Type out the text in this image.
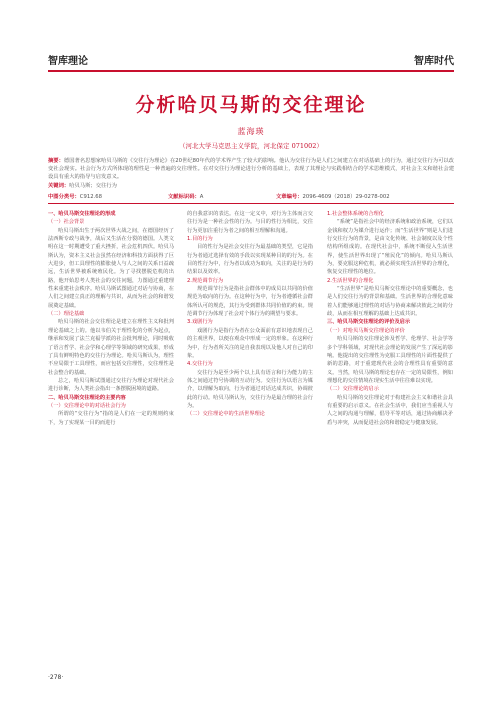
智库理论	智库时代
分析哈贝马斯的交往理论
蓝海瑛
（河北大学马克思主义学院，河北保定 071002）
摘要：德国著名思想家哈贝马斯的《交往行为理论》在20世纪80年代的学术界产生了较大的影响。他认为交往行为是人们之间建立在对话基础上的行为，通过交往行为可以改变社会现实。社会行为方式所体现的理性是一种普遍的交往理性。在对交往行为理论进行分析的基础上，表现了其理论与实践相结合的学术思维模式，对社会主义和谐社会建设具有重大的指导与启发意义。
关键词：哈贝马斯；交往行为
中图分类号：C912.68	文献标识码：A	文章编号：2096-4609（2018）29-0278-002

一、哈贝马斯交往理论的形成

（一）社会背景

哈贝马斯出生于两次世界大战之间，在德国经历了法西斯专政与战争，战后又生活在分裂的德国。人类文明在这一时期遭受了重大挫折，社会危机四伏。哈贝马斯认为，资本主义社会虽然在经济和科技方面获得了巨大进步，但工具理性的膨胀使人与人之间的关系日益疏远，生活世界被系统殖民化。为了寻找摆脱危机的出路，他开始思考人类社会的交往问题，力图通过重建理性来重建社会秩序。哈贝马斯试图通过对话与协商，在人们之间建立真正的理解与共识，从而为社会的和谐发展奠定基础。

（二）理论基础

哈贝马斯的社会交往理论是建立在理性主义和批判理论基础之上的。他以韦伯关于理性化的分析为起点，继承和发展了法兰克福学派的社会批判理论，同时吸收了语言哲学、社会学和心理学等领域的研究成果，形成了具有鲜明特色的交往行为理论。哈贝马斯认为，理性不应局限于工具理性，而应包括交往理性，交往理性是社会整合的基础。

总之，哈贝马斯试图通过交往行为理论对现代社会进行诊断，为人类社会指出一条摆脱困境的道路。

二、哈贝马斯交往理论的主要内容

（一）交往理论中的对话社会行为

所谓的“交往行为”指的是人们在一定的规则约束下，为了实现某一目的而进行

的自我意识的表达。在这一定义中，对行为主体而言交往行为是一种社会性的行为。与目的性行为相比，交往行为更加注重行为者之间的相互理解和沟通。

1.目的行为

目的性行为是社会交往行为最基础的类型，它是指行为者通过选择有效的手段以实现某种目的的行为。在目的性行为中，行为者以成功为取向，关注的是行为的结果以及效率。

2.规范调节行为

规范调节行为是指社会群体中的成员以共同的价值规范为取向的行为。在这种行为中，行为者遵循社会群体所认可的规范，其行为受到群体共同价值的约束。规范调节行为体现了社会对个体行为的期望与要求。

3.戏剧行为

戏剧行为是指行为者在公众面前有意识地表现自己的主观世界，以便在观众中形成一定的形象。在这种行为中，行为者所关注的是自我表现以及他人对自己的印象。

4.交往行为

交往行为是至少两个以上具有语言和行为能力的主体之间通过符号协调的互动行为。交往行为以语言为媒介，以理解为取向，行为者通过对话达成共识，协调彼此的行动。哈贝马斯认为，交往行为是最合理的社会行为。

（二）交往理论中的生活世界理论

1.社会整体系统的合理化

“系统”是指社会中的经济系统和政治系统，它们以金钱和权力为媒介进行运作；而“生活世界”则是人们进行交往行为的背景，是由文化传统、社会制度以及个性结构所组成的。在现代社会中，系统不断侵入生活世界，使生活世界出现了“殖民化”的倾向。哈贝马斯认为，要克服这种危机，就必须实现生活世界的合理化，恢复交往理性的地位。

2.生活世界的合理化

“生活世界”是哈贝马斯交往理论中的重要概念，也是人们交往行为的背景和基础。生活世界的合理化意味着人们能够通过理性的对话与协商来解决彼此之间的分歧，从而在相互理解的基础上达成共识。

三、哈贝马斯交往理论的评价及启示

（一）对哈贝马斯交往理论的评价

哈贝马斯的交往理论涉及哲学、伦理学、社会学等多个学科领域，对现代社会理论的发展产生了深远的影响。他提出的交往理性为克服工具理性的片面性提供了新的思路，对于重建现代社会的合理性具有重要的意义。当然，哈贝马斯的理论也存在一定的局限性，例如理想化的交往情境在现实生活中往往难以实现。

（二）交往理论的启示

哈贝马斯的交往理论对于构建社会主义和谐社会具有重要的启示意义。在社会生活中，我们应当重视人与人之间的沟通与理解，倡导平等对话，通过协商解决矛盾与冲突，从而促进社会的和谐稳定与健康发展。

·278·
